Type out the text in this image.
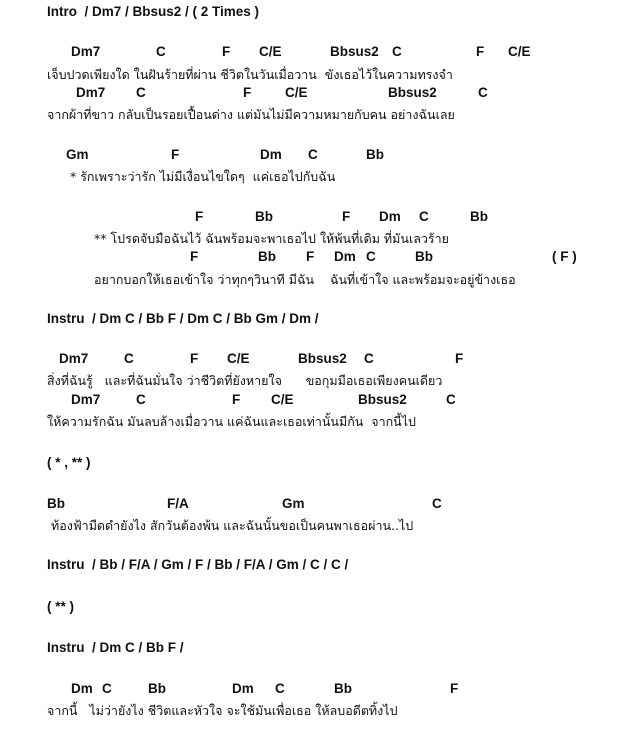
Intro  / Dm7 / Bbsus2 / ( 2 Times )
Dm7	C	F C/E	Bbsus2 C	F C/E
เจ็บปวดเพียงใด ในฝันร้ายที่ผ่าน ชีวิตในวันเมื่อวาน  ขังเธอไว้ในความทรงจำ
Dm7 C	F	C/E	Bbsus2	C
จากผ้าที่ขาว กลับเป็นรอยเปื้อนด่าง แต่มันไม่มีความหมายกับคน อย่างฉันเลย
Gm	F	Dm C	Bb
* รักเพราะว่ารัก ไม่มีเงื่อนไขใดๆ  แค่เธอไปกับฉัน
F	Bb	F Dm C	Bb
** โปรดจับมือฉันไว้ ฉันพร้อมจะพาเธอไป ให้พ้นที่เดิม ที่มันเลวร้าย
F	Bb F Dm C	Bb	( F )
อยากบอกให้เธอเข้าใจ ว่าทุกๆวินาที มีฉัน    ฉันที่เข้าใจ และพร้อมจะอยู่ข้างเธอ
Instru  / Dm C / Bb F / Dm C / Bb Gm / Dm /
Dm7	C	F C/E	Bbsus2 C	F
สิ่งที่ฉันรู้   และที่ฉันมั่นใจ ว่าชีวิตที่ยังหายใจ      ขอกุมมือเธอเพียงคนเดียว
Dm7	C	F C/E	Bbsus2	C
ให้ความรักฉัน มันลบล้างเมื่อวาน แค่ฉันและเธอเท่านั้นมีกัน  จากนี้ไป
( * , ** )
Bb	F/A	Gm	C
ท้องฟ้ามืดดำยังไง สักวันต้องพ้น และฉันนั้นขอเป็นคนพาเธอผ่าน..ไป
Instru  / Bb / F/A / Gm / F / Bb / F/A / Gm / C / C /
( ** )
Instru  / Dm C / Bb F /
Dm C	Bb	Dm C	Bb	F
จากนี้   ไม่ว่ายังไง ชีวิตและหัวใจ จะใช้มันเพื่อเธอ ให้ลบอดีตทิ้งไป
